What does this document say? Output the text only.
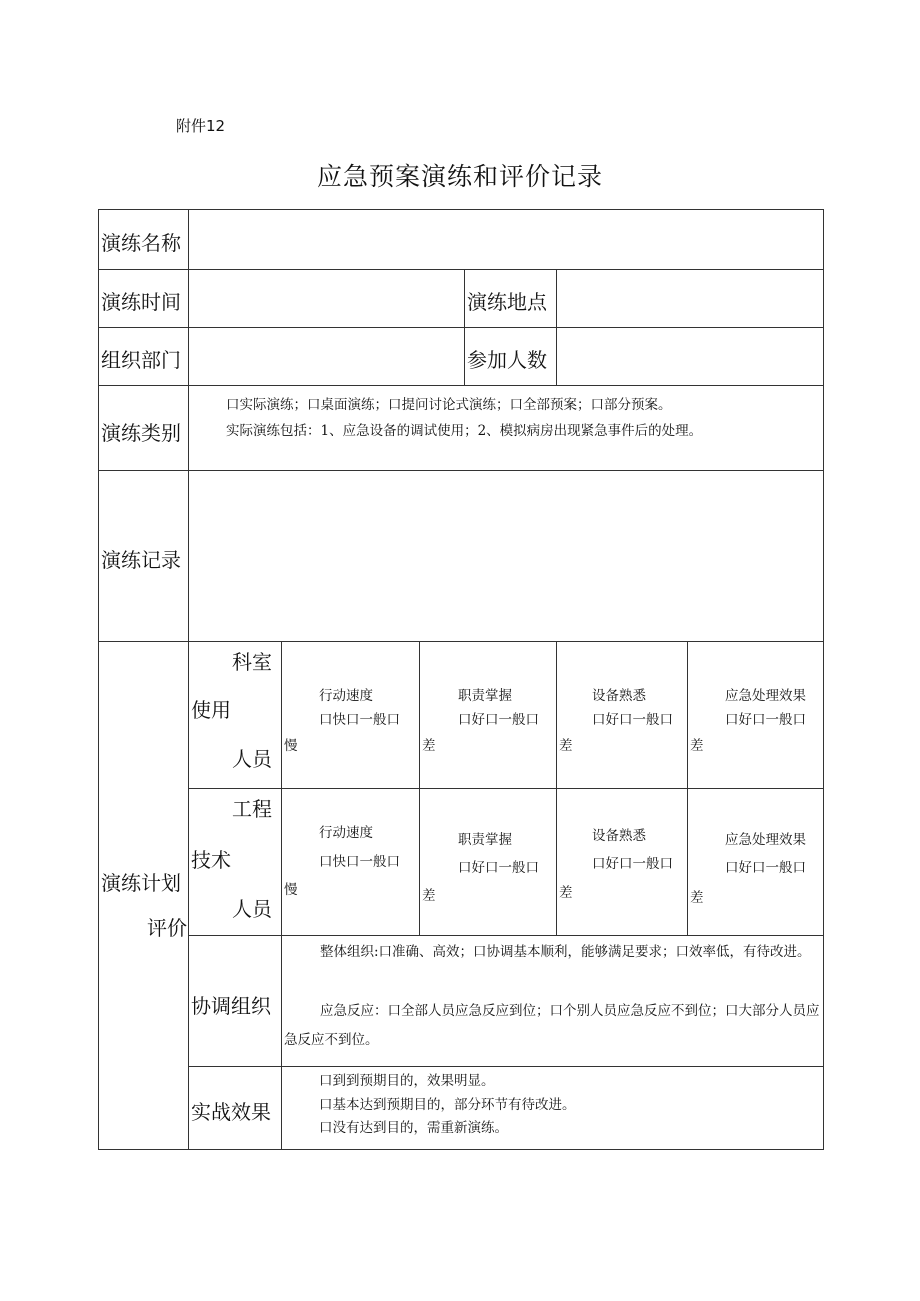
附件12
应急预案演练和评价记录
演练名称
演练时间	演练地点
组织部门	参加人数
演练类别
口实际演练；口桌面演练；口提问讨论式演练；口全部预案；口部分预案。
实际演练包括：1、应急设备的调试使用；2、模拟病房出现紧急事件后的处理。
演练记录
演练计划
评价
科室
使用
人员
工程
技术
人员
行动速度
口快口一般口
慢
职责掌握
口好口一般口
差
设备熟悉
口好口一般口
差
应急处理效果
口好口一般口
差
行动速度
口快口一般口
慢
职责掌握
口好口一般口
差
设备熟悉
口好口一般口
差
应急处理效果
口好口一般口
差
协调组织
整体组织:口准确、高效；口协调基本顺利，能够满足要求；口效率低，有待改进。
应急反应：口全部人员应急反应到位；口个别人员应急反应不到位；口大部分人员应急反应不到位。
实战效果
口到到预期目的，效果明显。
口基本达到预期目的，部分环节有待改进。
口没有达到目的，需重新演练。
